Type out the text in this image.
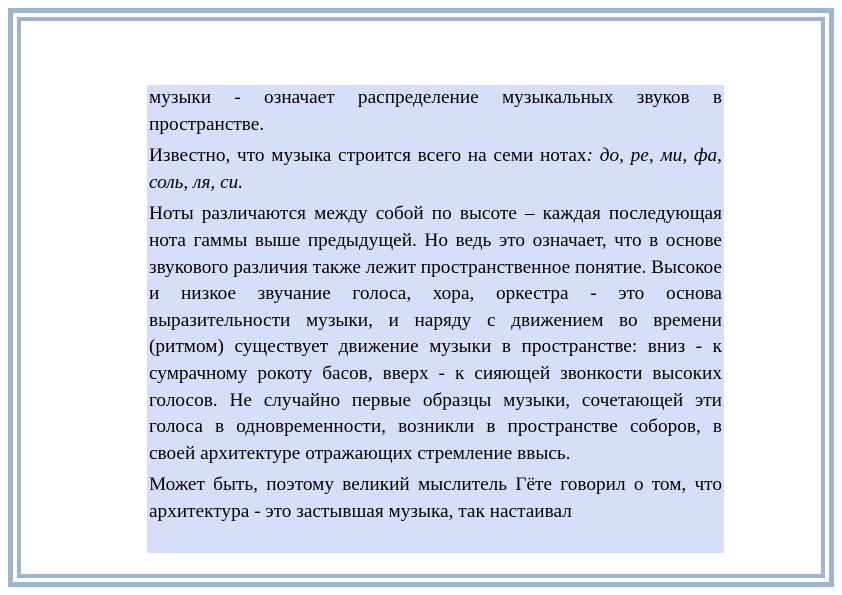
музыки - означает распределение музыкальных звуков в пространстве.

Известно, что музыка строится всего на семи нотах: до, ре, ми, фа, соль, ля, си.

Ноты различаются между собой по высоте – каждая последующая нота гаммы выше предыдущей. Но ведь это означает, что в основе звукового различия также лежит пространственное понятие. Высокое и низкое звучание голоса, хора, оркестра - это основа выразительности музыки, и наряду с движением во времени (ритмом) существует движение музыки в пространстве: вниз - к сумрачному рокоту басов, вверх - к сияющей звонкости высоких голосов. Не случайно первые образцы музыки, сочетающей эти голоса в одновременности, возникли в пространстве соборов, в своей архитектуре отражающих стремление ввысь.

Может быть, поэтому великий мыслитель Гёте говорил о том, что архитектура - это застывшая музыка, так настаивал
